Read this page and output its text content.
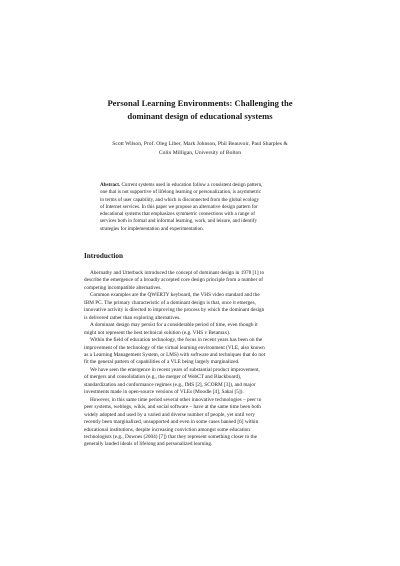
Personal Learning Environments: Challenging the
dominant design of educational systems
Scott Wilson, Prof. Oleg Liber, Mark Johnson, Phil Beauvoir, Paul Sharples &
Colin Milligan, University of Bolton
Abstract. Current systems used in education follow a consistent design pattern,
one that is not supportive of lifelong learning or personalization, is asymmetric
in terms of user capability, and which is disconnected from the global ecology
of Internet services. In this paper we propose an alternative design pattern for
educational systems that emphasizes symmetric connections with a range of
services both in formal and informal learning, work, and leisure, and identify
strategies for implementation and experimentation.
Introduction
Abernathy and Utterback introduced the concept of dominant design in 1978 [1] to
describe the emergence of a broadly accepted core design principle from a number of
competing incompatible alternatives.
Common examples are the QWERTY keyboard, the VHS video standard and the
IBM PC. The primary characteristic of a dominant design is that, once it emerges,
innovative activity is directed to improving the process by which the dominant design
is delivered rather than exploring alternatives.
A dominant design may persist for a considerable period of time, even though it
might not represent the best technical solution (e.g. VHS v Betamax).
Within the field of education technology, the focus in recent years has been on the
improvement of the technology of the virtual learning environment (VLE, also known
as a Learning Management System, or LMS) with software and techniques that do not
fit the general pattern of capabilities of a VLE being largely marginalized.
We have seen the emergence in recent years of substantial product improvement,
of mergers and consolidation (e.g., the merger of WebCT and Blackboard),
standardization and conformance regimes (e.g., IMS [2], SCORM [3]), and major
investments made in open-source versions of VLEs (Moodle [4], Sakai [5]).
However, in this same time period several other innovative technologies – peer to
peer systems, weblogs, wikis, and social software – have at the same time been both
widely adopted and used by a varied and diverse number of people, yet until very
recently been marginalized, unsupported and even in some cases banned [6] within
educational institutions, despite increasing conviction amongst some education
technologists (e.g., Downes (2004) [7]) that they represent something closer to the
generally lauded ideals of lifelong and personalized learning.
